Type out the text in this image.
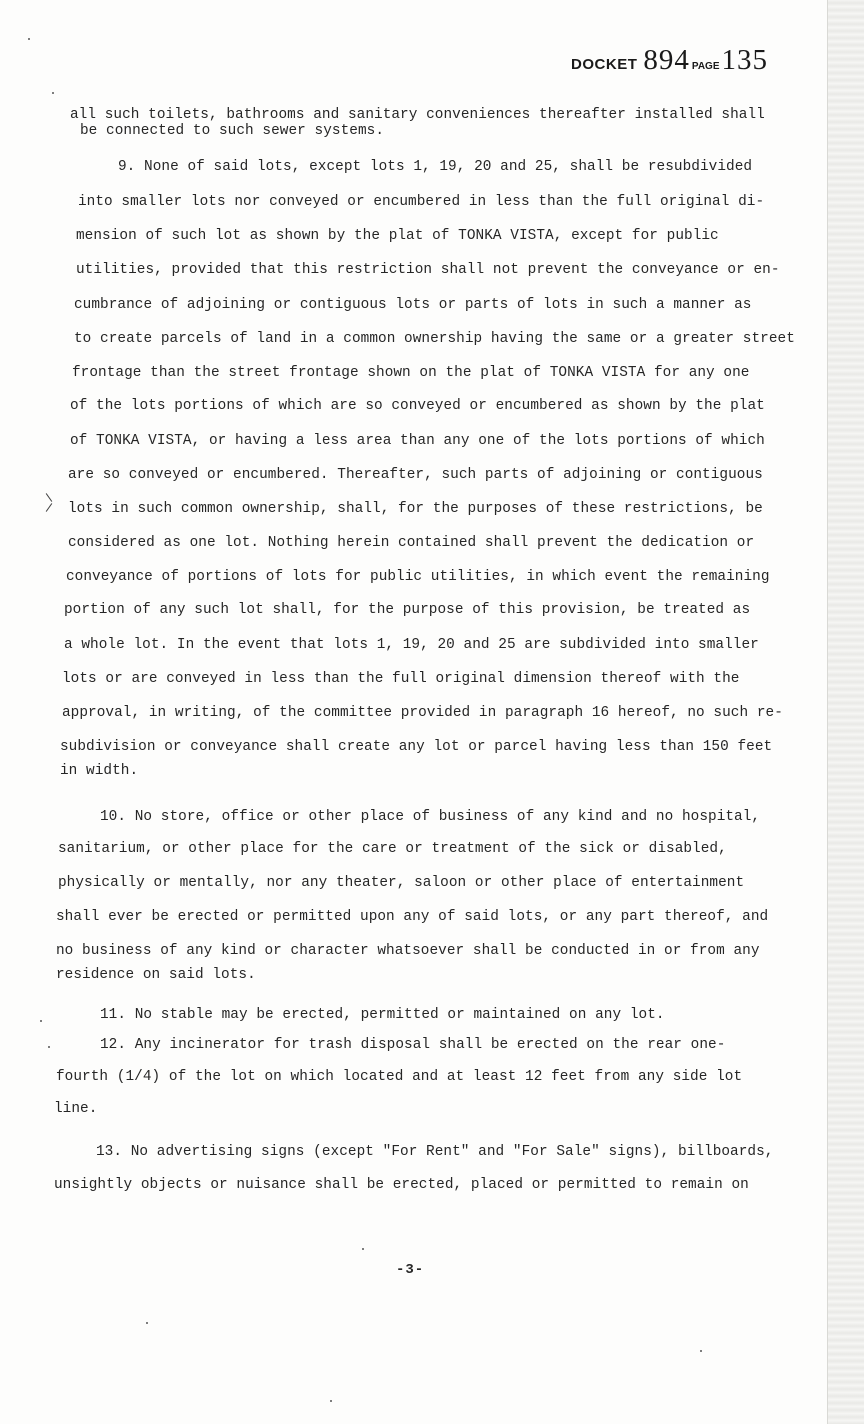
DOCKET 894 PAGE135
all such toilets, bathrooms and sanitary conveniences thereafter installed shall
be connected to such sewer systems.
9. None of said lots, except lots 1, 19, 20 and 25, shall be resubdivided
into smaller lots nor conveyed or encumbered in less than the full original di-
mension of such lot as shown by the plat of TONKA VISTA, except for public
utilities, provided that this restriction shall not prevent the conveyance or en-
cumbrance of adjoining or contiguous lots or parts of lots in such a manner as
to create parcels of land in a common ownership having the same or a greater street
frontage than the street frontage shown on the plat of TONKA VISTA for any one
of the lots portions of which are so conveyed or encumbered as shown by the plat
of TONKA VISTA, or having a less area than any one of the lots portions of which
are so conveyed or encumbered. Thereafter, such parts of adjoining or contiguous
lots in such common ownership, shall, for the purposes of these restrictions, be
considered as one lot. Nothing herein contained shall prevent the dedication or
conveyance of portions of lots for public utilities, in which event the remaining
portion of any such lot shall, for the purpose of this provision, be treated as
a whole lot. In the event that lots 1, 19, 20 and 25 are subdivided into smaller
lots or are conveyed in less than the full original dimension thereof with the
approval, in writing, of the committee provided in paragraph 16 hereof, no such re-
subdivision or conveyance shall create any lot or parcel having less than 150 feet
in width.
10. No store, office or other place of business of any kind and no hospital,
sanitarium, or other place for the care or treatment of the sick or disabled,
physically or mentally, nor any theater, saloon or other place of entertainment
shall ever be erected or permitted upon any of said lots, or any part thereof, and
no business of any kind or character whatsoever shall be conducted in or from any
residence on said lots.
11. No stable may be erected, permitted or maintained on any lot.
12. Any incinerator for trash disposal shall be erected on the rear one-
fourth (1/4) of the lot on which located and at least 12 feet from any side lot
line.
13. No advertising signs (except "For Rent" and "For Sale" signs), billboards,
unsightly objects or nuisance shall be erected, placed or permitted to remain on
-3-
